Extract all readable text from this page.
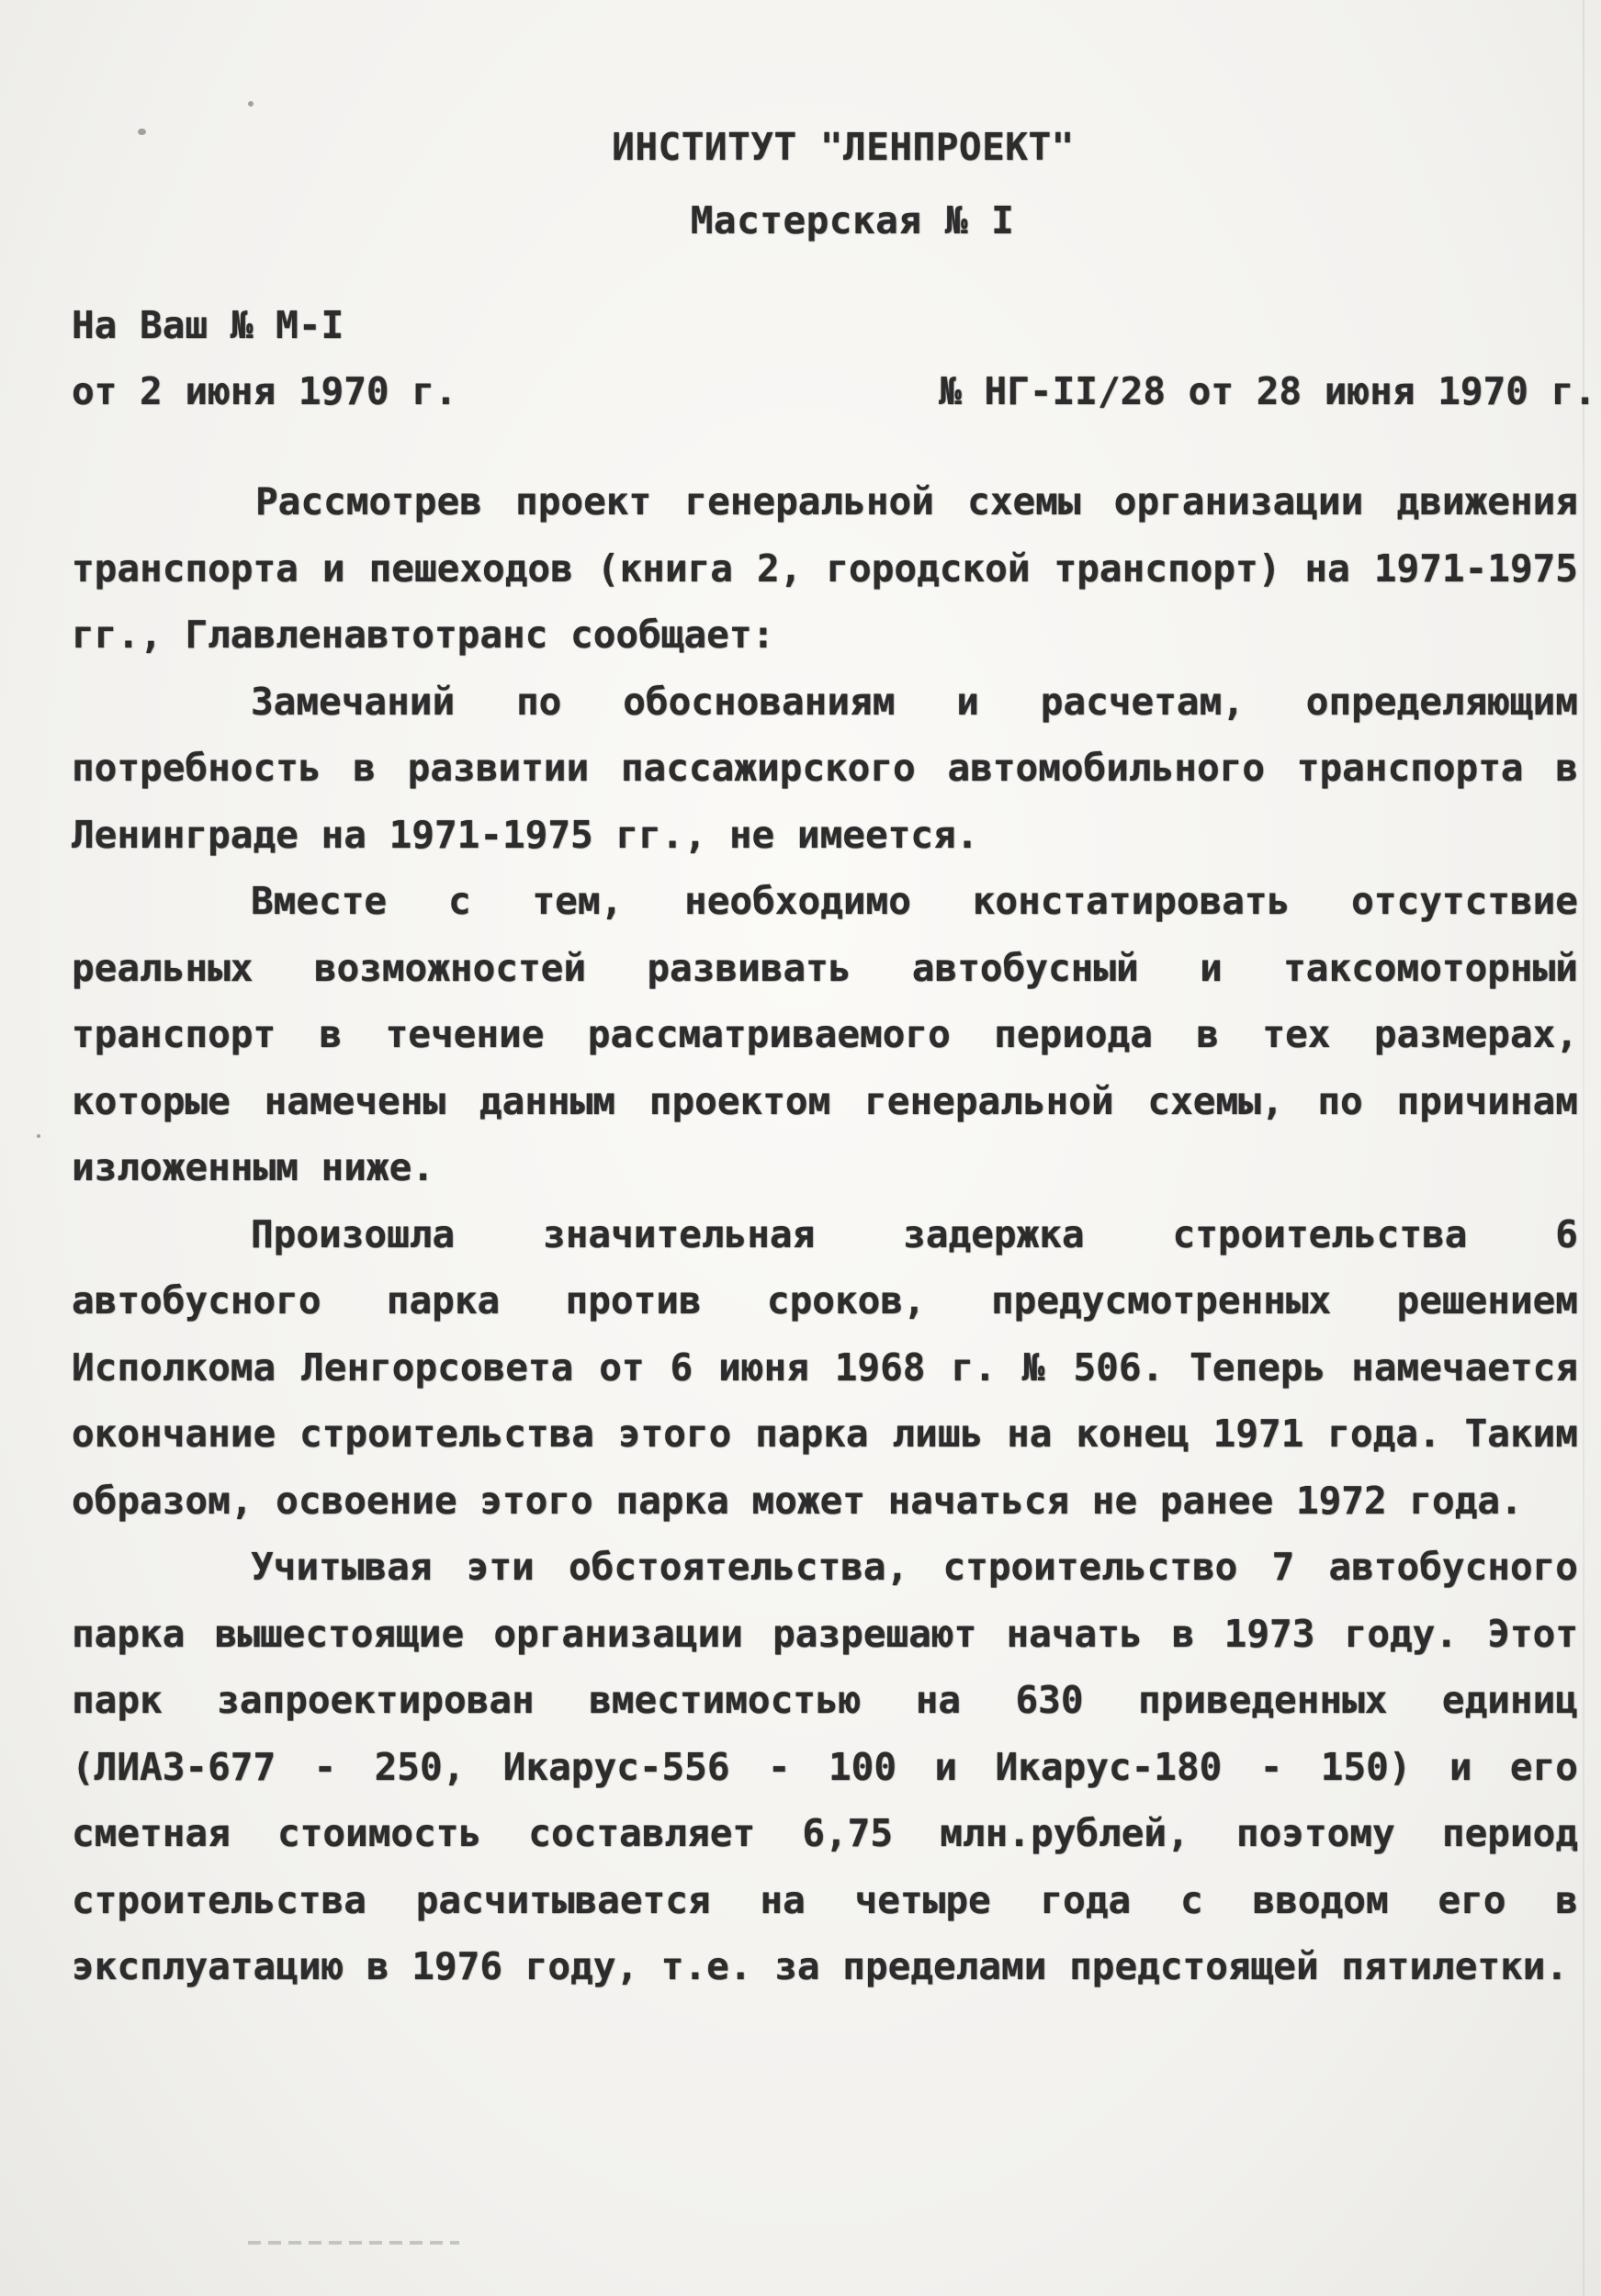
ИНСТИТУТ "ЛЕНПРОЕКТ"

Мастерская № I

На Ваш № М-I
от 2 июня 1970 г.	№ НГ-II/28 от 28 июня 1970 г.

Рассмотрев проект генеральной схемы организации движения транспорта и пешеходов (книга 2, городской транспорт) на 1971-1975 гг., Главленавтотранс сообщает:

Замечаний по обоснованиям и расчетам, определяющим потребность в развитии пассажирского автомобильного транспорта в Ленинграде на 1971-1975 гг., не имеется.

Вместе с тем, необходимо констатировать отсутствие реальных возможностей развивать автобусный и таксомоторный транспорт в течение рассматриваемого периода в тех размерах, которые намечены данным проектом генеральной схемы, по причинам изложенным ниже.

Произошла значительная задержка строительства 6 автобусного парка против сроков, предусмотренных решением Исполкома Ленгорсовета от 6 июня 1968 г. № 506. Теперь намечается окончание строительства этого парка лишь на конец 1971 года. Таким образом, освоение этого парка может начаться не ранее 1972 года.

Учитывая эти обстоятельства, строительство 7 автобусного парка вышестоящие организации разрешают начать в 1973 году. Этот парк запроектирован вместимостью на 630 приведенных единиц (ЛИАЗ-677 - 250, Икарус-556 - 100 и Икарус-180 - 150) и его сметная стоимость составляет 6,75 млн.рублей, поэтому период строительства расчитывается на четыре года с вводом его в эксплуатацию в 1976 году, т.е. за пределами предстоящей пятилетки.
